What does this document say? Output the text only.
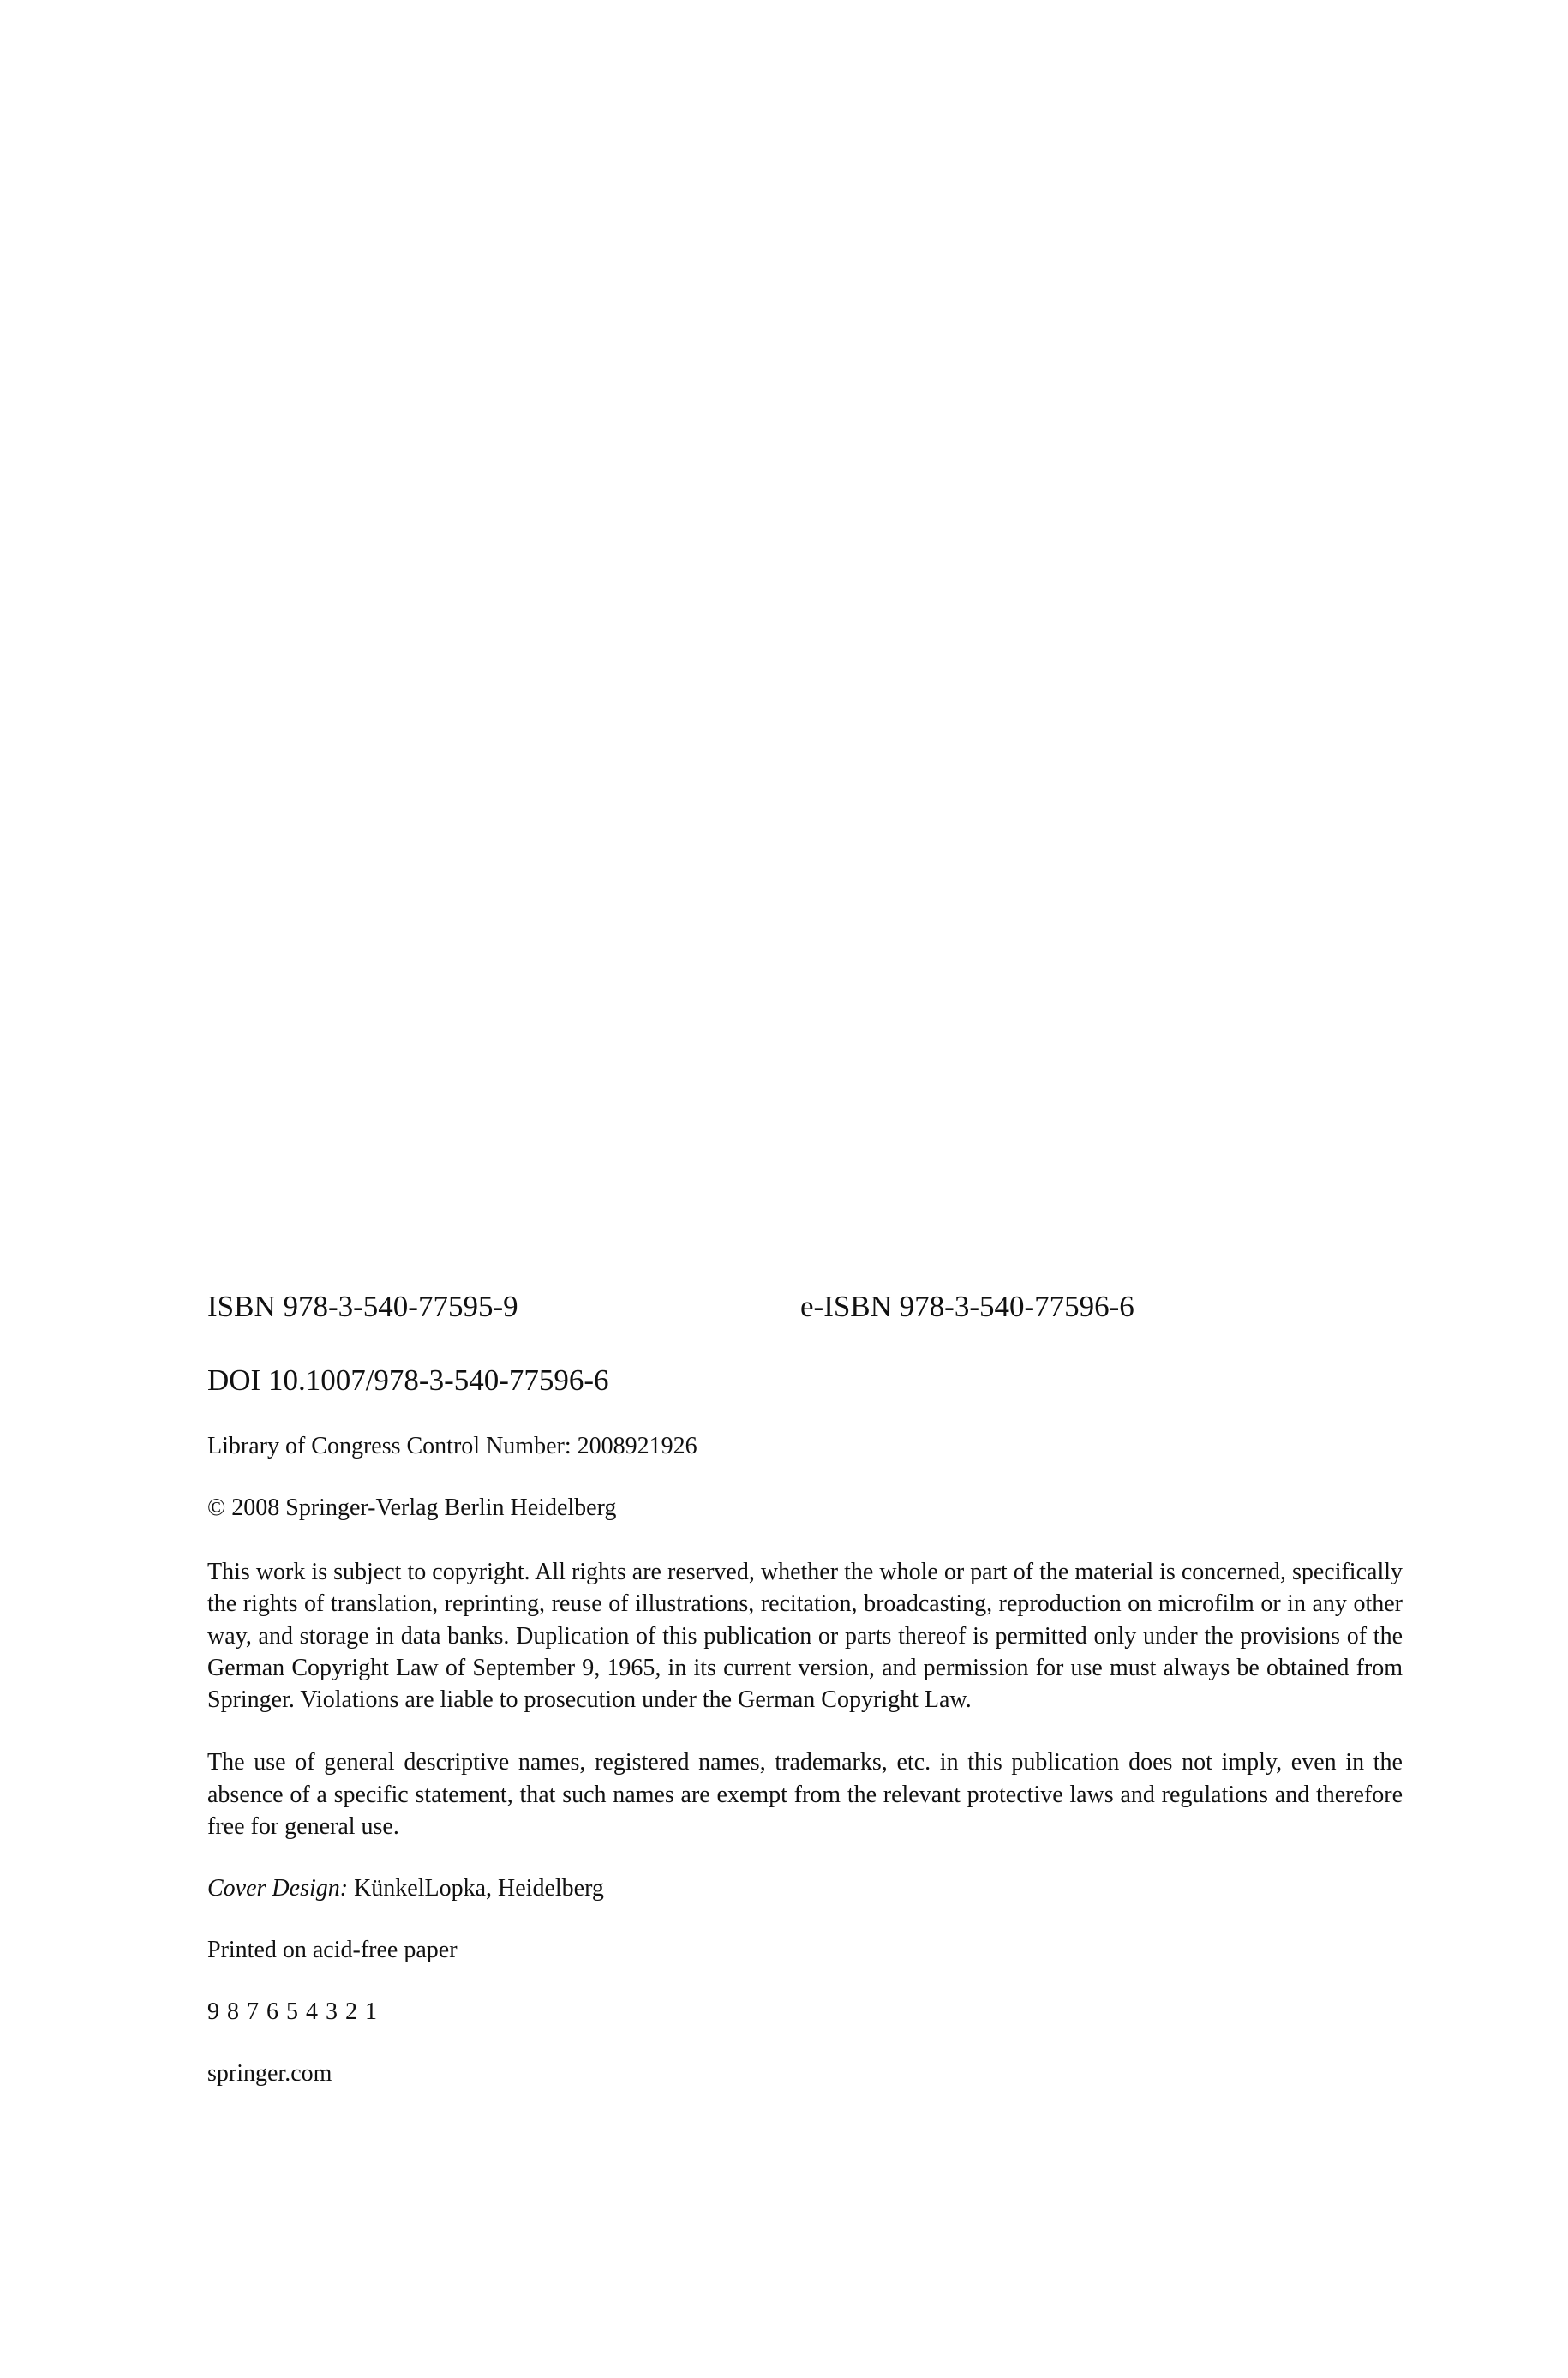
ISBN 978-3-540-77595-9	e-ISBN 978-3-540-77596-6
DOI 10.1007/978-3-540-77596-6
Library of Congress Control Number: 2008921926
© 2008 Springer-Verlag Berlin Heidelberg

This work is subject to copyright. All rights are reserved, whether the whole or part of the material is concerned, specifically the rights of translation, reprinting, reuse of illustrations, recitation, broadcasting, reproduction on microfilm or in any other way, and storage in data banks. Duplication of this publication or parts thereof is permitted only under the provisions of the German Copyright Law of September 9, 1965, in its current version, and permission for use must always be obtained from Springer. Violations are liable to prosecution under the German Copyright Law.

The use of general descriptive names, registered names, trademarks, etc. in this publication does not imply, even in the absence of a specific statement, that such names are exempt from the relevant protective laws and regulations and therefore free for general use.

Cover Design: KünkelLopka, Heidelberg
Printed on acid-free paper
9 8 7 6 5 4 3 2 1
springer.com
